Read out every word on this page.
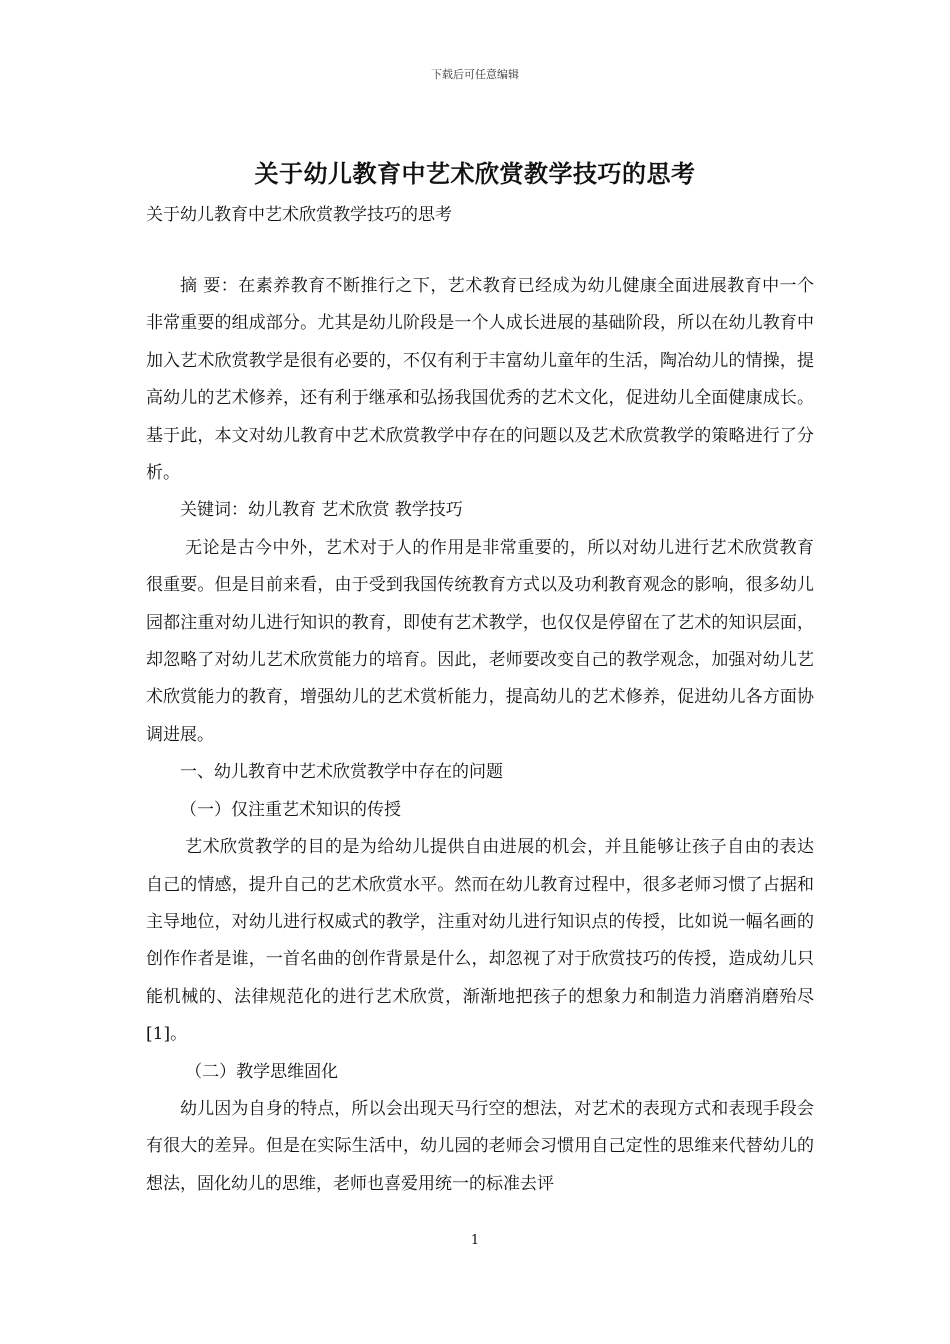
下载后可任意编辑
关于幼儿教育中艺术欣赏教学技巧的思考

关于幼儿教育中艺术欣赏教学技巧的思考

摘 要：在素养教育不断推行之下，艺术教育已经成为幼儿健康全面进展教育中一个非常重要的组成部分。尤其是幼儿阶段是一个人成长进展的基础阶段，所以在幼儿教育中加入艺术欣赏教学是很有必要的，不仅有利于丰富幼儿童年的生活，陶冶幼儿的情操，提高幼儿的艺术修养，还有利于继承和弘扬我国优秀的艺术文化，促进幼儿全面健康成长。基于此，本文对幼儿教育中艺术欣赏教学中存在的问题以及艺术欣赏教学的策略进行了分析。

关键词：幼儿教育 艺术欣赏 教学技巧

无论是古今中外，艺术对于人的作用是非常重要的，所以对幼儿进行艺术欣赏教育很重要。但是目前来看，由于受到我国传统教育方式以及功利教育观念的影响，很多幼儿园都注重对幼儿进行知识的教育，即使有艺术教学，也仅仅是停留在了艺术的知识层面，却忽略了对幼儿艺术欣赏能力的培育。因此，老师要改变自己的教学观念，加强对幼儿艺术欣赏能力的教育，增强幼儿的艺术赏析能力，提高幼儿的艺术修养，促进幼儿各方面协调进展。

一、幼儿教育中艺术欣赏教学中存在的问题

（一）仅注重艺术知识的传授

艺术欣赏教学的目的是为给幼儿提供自由进展的机会，并且能够让孩子自由的表达自己的情感，提升自己的艺术欣赏水平。然而在幼儿教育过程中，很多老师习惯了占据和主导地位，对幼儿进行权威式的教学，注重对幼儿进行知识点的传授，比如说一幅名画的创作作者是谁，一首名曲的创作背景是什么，却忽视了对于欣赏技巧的传授，造成幼儿只能机械的、法律规范化的进行艺术欣赏，渐渐地把孩子的想象力和制造力消磨消磨殆尽[1]。

（二）教学思维固化

幼儿因为自身的特点，所以会出现天马行空的想法，对艺术的表现方式和表现手段会有很大的差异。但是在实际生活中，幼儿园的老师会习惯用自己定性的思维来代替幼儿的想法，固化幼儿的思维，老师也喜爱用统一的标准去评

1
